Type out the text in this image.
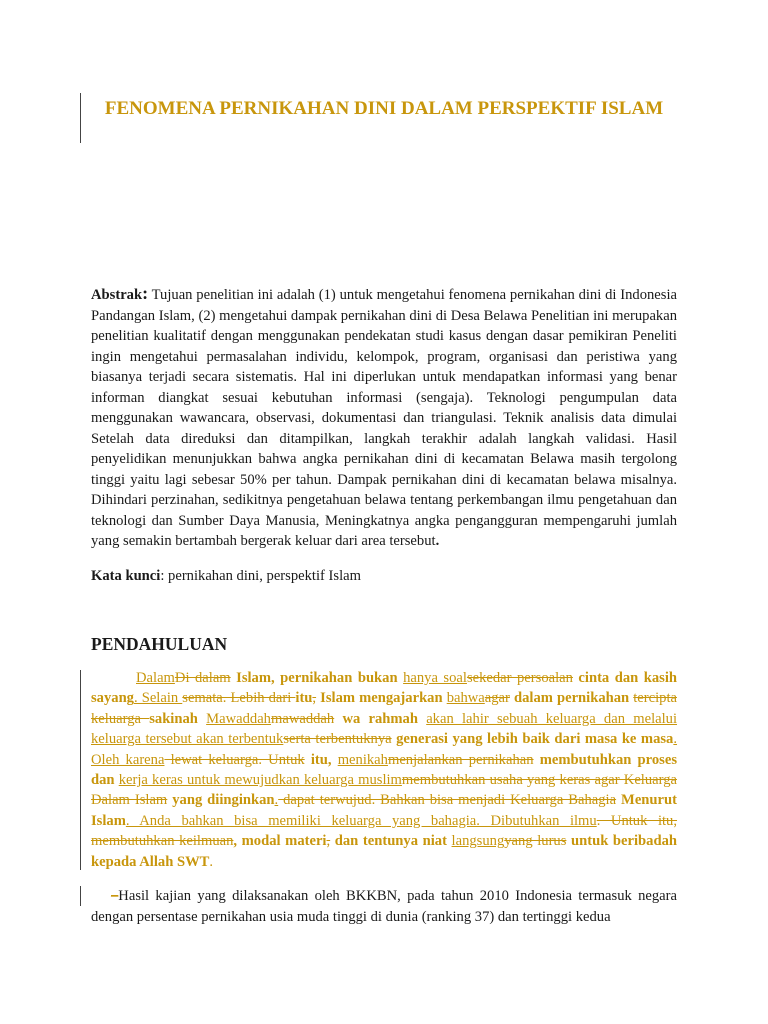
FENOMENA PERNIKAHAN DINI DALAM PERSPEKTIF ISLAM
Abstrak: Tujuan penelitian ini adalah (1) untuk mengetahui fenomena pernikahan dini di Indonesia Pandangan Islam, (2) mengetahui dampak pernikahan dini di Desa Belawa Penelitian ini merupakan penelitian kualitatif dengan menggunakan pendekatan studi kasus dengan dasar pemikiran Peneliti ingin mengetahui permasalahan individu, kelompok, program, organisasi dan peristiwa yang biasanya terjadi secara sistematis. Hal ini diperlukan untuk mendapatkan informasi yang benar informan diangkat sesuai kebutuhan informasi (sengaja). Teknologi pengumpulan data menggunakan wawancara, observasi, dokumentasi dan triangulasi. Teknik analisis data dimulai Setelah data direduksi dan ditampilkan, langkah terakhir adalah langkah validasi. Hasil penyelidikan menunjukkan bahwa angka pernikahan dini di kecamatan Belawa masih tergolong tinggi yaitu lagi sebesar 50% per tahun. Dampak pernikahan dini di kecamatan belawa misalnya. Dihindari perzinahan, sedikitnya pengetahuan belawa tentang perkembangan ilmu pengetahuan dan teknologi dan Sumber Daya Manusia, Meningkatnya angka pengangguran mempengaruhi jumlah yang semakin bertambah bergerak keluar dari area tersebut.
Kata kunci: pernikahan dini, perspektif Islam
PENDAHULUAN
DalamDi dalam Islam, pernikahan bukan hanya soalsekedar persoalan cinta dan kasih sayang. Selain semata. Lebih dari itu, Islam mengajarkan bahwaagar dalam pernikahan tercipta keluarga sakinah Mawaddahmawaddah wa rahmah akan lahir sebuah keluarga dan melalui keluarga tersebut akan terbentukserta terbentuknya generasi yang lebih baik dari masa ke masa. Oleh karena lewat keluarga. Untuk itu, menikahmenjalankan pernikahan membutuhkan proses dan kerja keras untuk mewujudkan keluarga muslimmembutuhkan usaha yang keras agar Keluarga Dalam Islam yang diinginkan. dapat terwujud. Bahkan bisa menjadi Keluarga Bahagia Menurut Islam. Anda bahkan bisa memiliki keluarga yang bahagia. Dibutuhkan ilmu. Untuk itu, membutuhkan keilmuan, modal materi, dan tentunya niat langsungyang lurus untuk beribadah kepada Allah SWT.
–Hasil kajian yang dilaksanakan oleh BKKBN, pada tahun 2010 Indonesia termasuk negara dengan persentase pernikahan usia muda tinggi di dunia (ranking 37) dan tertinggi kedua
